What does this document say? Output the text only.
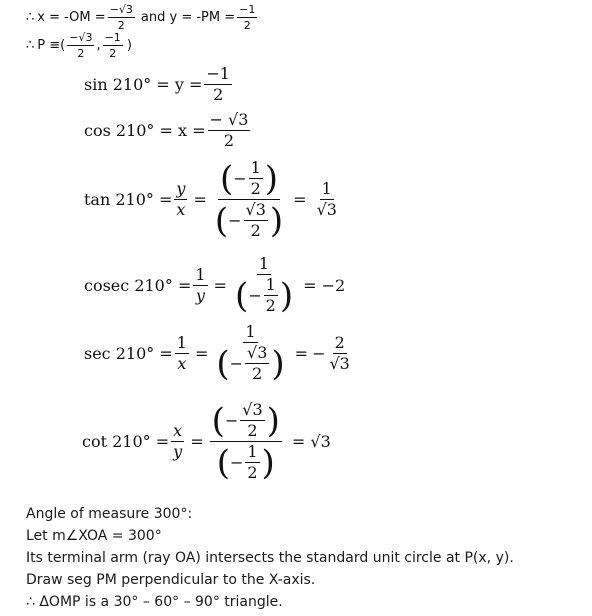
∴ $x = -OM = \frac{-√3}{2}$ and $y = -PM = \frac{-1}{2}$
∴ P ≡( $\frac{-√3}{2}$ , $\frac{-1}{2}$ )
$\sin 210^\circ = y = \frac{-1}{2}$
$\cos 210^\circ = x = \frac{- √3}{2}$
$\tan 210^\circ = \frac{y}{x}$ = ( − $\frac{1}{2}$
)
( − $\frac{√3}{2}$
) = $\frac{1}{√3}$
cosec $210^\circ = \frac{1}{y} = 1$
( − $\frac{1}{2}$
) = −2
$\sec 210^\circ = \frac{1}{x} = 1$
( − $\frac{√3}{2}$
) = − $\frac{2}{√3}$
$\cot 210^\circ = \frac{x}{y}$ = ( − $\frac{√3}{2}$
)
( − $\frac{1}{2}$
) = √3
Angle of measure 300°:
Let m∠XOA = 300°
Its terminal arm (ray OA) intersects the standard unit circle at P(x, y).
Draw seg PM perpendicular to the X-axis.
∴ ΔOMP is a 30° – 60° – 90° triangle.
